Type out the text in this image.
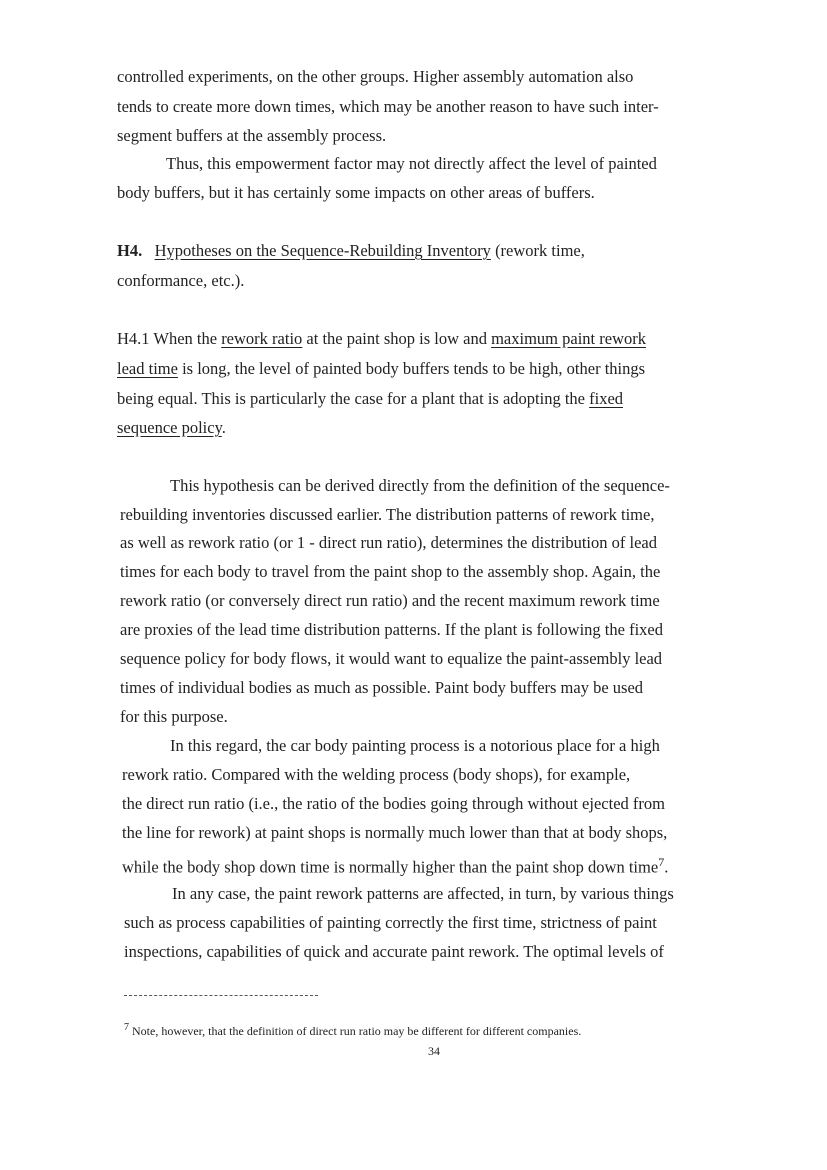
controlled experiments, on the other groups. Higher assembly automation also
tends to create more down times, which may be another reason to have such inter-
segment buffers at the assembly process.
Thus, this empowerment factor may not directly affect the level of painted
body buffers, but it has certainly some impacts on other areas of buffers.
H4. Hypotheses on the Sequence-Rebuilding Inventory (rework time,
conformance, etc.).
H4.1 When the rework ratio at the paint shop is low and maximum paint rework
lead time is long, the level of painted body buffers tends to be high, other things
being equal. This is particularly the case for a plant that is adopting the fixed
sequence policy.
This hypothesis can be derived directly from the definition of the sequence-
rebuilding inventories discussed earlier. The distribution patterns of rework time,
as well as rework ratio (or 1 - direct run ratio), determines the distribution of lead
times for each body to travel from the paint shop to the assembly shop. Again, the
rework ratio (or conversely direct run ratio) and the recent maximum rework time
are proxies of the lead time distribution patterns. If the plant is following the fixed
sequence policy for body flows, it would want to equalize the paint-assembly lead
times of individual bodies as much as possible. Paint body buffers may be used
for this purpose.
In this regard, the car body painting process is a notorious place for a high
rework ratio. Compared with the welding process (body shops), for example,
the direct run ratio (i.e., the ratio of the bodies going through without ejected from
the line for rework) at paint shops is normally much lower than that at body shops,
while the body shop down time is normally higher than the paint shop down time$^7$.
In any case, the paint rework patterns are affected, in turn, by various things
such as process capabilities of painting correctly the first time, strictness of paint
inspections, capabilities of quick and accurate paint rework. The optimal levels of
$^7$ Note, however, that the definition of direct run ratio may be different for different companies.
34
